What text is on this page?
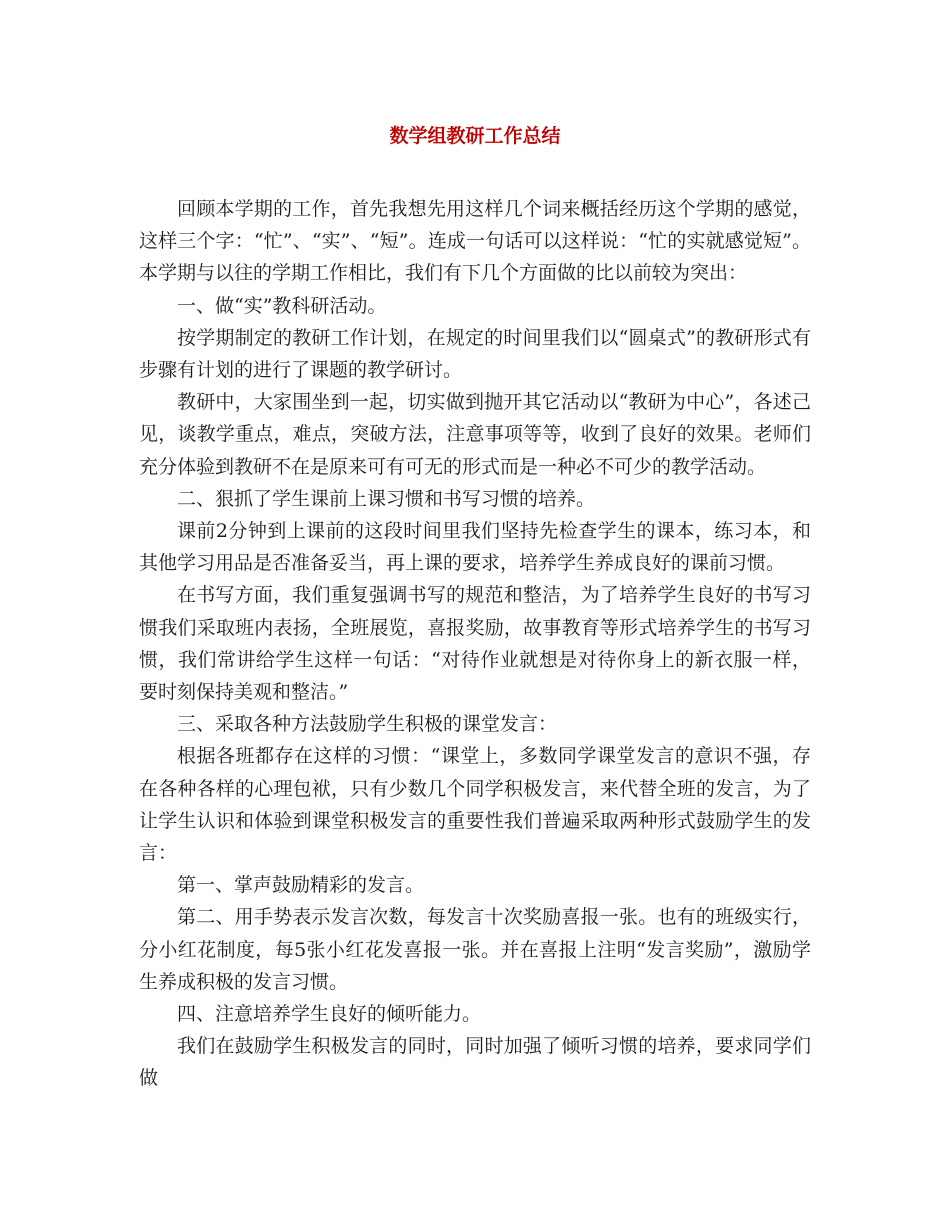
数学组教研工作总结

回顾本学期的工作，首先我想先用这样几个词来概括经历这个学期的感觉，这样三个字：“忙”、“实”、“短”。连成一句话可以这样说：“忙的实就感觉短”。本学期与以往的学期工作相比，我们有下几个方面做的比以前较为突出：

一、做“实”教科研活动。

按学期制定的教研工作计划，在规定的时间里我们以“圆桌式”的教研形式有步骤有计划的进行了课题的教学研讨。

教研中，大家围坐到一起，切实做到抛开其它活动以“教研为中心”，各述己见，谈教学重点，难点，突破方法，注意事项等等，收到了良好的效果。老师们充分体验到教研不在是原来可有可无的形式而是一种必不可少的教学活动。

二、狠抓了学生课前上课习惯和书写习惯的培养。

课前2分钟到上课前的这段时间里我们坚持先检查学生的课本，练习本，和其他学习用品是否准备妥当，再上课的要求，培养学生养成良好的课前习惯。

在书写方面，我们重复强调书写的规范和整洁，为了培养学生良好的书写习惯我们采取班内表扬，全班展览，喜报奖励，故事教育等形式培养学生的书写习惯，我们常讲给学生这样一句话：“对待作业就想是对待你身上的新衣服一样，要时刻保持美观和整洁。”

三、采取各种方法鼓励学生积极的课堂发言：

根据各班都存在这样的习惯：“课堂上，多数同学课堂发言的意识不强，存在各种各样的心理包袱，只有少数几个同学积极发言，来代替全班的发言，为了让学生认识和体验到课堂积极发言的重要性我们普遍采取两种形式鼓励学生的发言：

第一、掌声鼓励精彩的发言。

第二、用手势表示发言次数，每发言十次奖励喜报一张。也有的班级实行，分小红花制度，每5张小红花发喜报一张。并在喜报上注明“发言奖励”，激励学生养成积极的发言习惯。

四、注意培养学生良好的倾听能力。

我们在鼓励学生积极发言的同时，同时加强了倾听习惯的培养，要求同学们做
